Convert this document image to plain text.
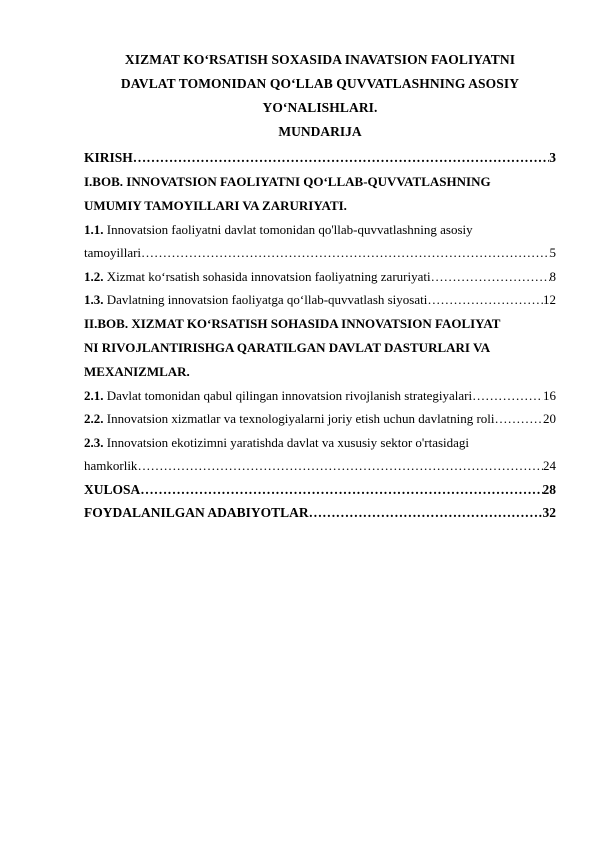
XIZMAT KO‘RSATISH SOXASIDA INAVATSION FAOLIYATNI
DAVLAT TOMONIDAN QO‘LLAB QUVVATLASHNING ASOSIY
YO‘NALISHLARI.
MUNDARIJA
KIRISH …………………………………………………………………………………………………………………………………………………………………………………………………………	3
I.BOB. INNOVATSION FAOLIYATNI QO‘LLAB-QUVVATLASHNING
UMUMIY TAMOYILLARI VA ZARURIYATI.
1.1. Innovatsion faoliyatni davlat tomonidan qo'llab-quvvatlashning asosiy
tamoyillari …………………………………………………………………………………………………………………………………………………………………………………………………………	5
1.2. Xizmat ko‘rsatish sohasida innovatsion faoliyatning zaruriyati …………………………………………………………………………………………………………………………………………………………………………………………………………	8
1.3. Davlatning innovatsion faoliyatga qo‘llab-quvvatlash siyosati …………………………………………………………………………………………………………………………………………………………………………………………………………	12
II.BOB. XIZMAT KO‘RSATISH SOHASIDA INNOVATSION FAOLIYAT
NI RIVOJLANTIRISHGA QARATILGAN DAVLAT DASTURLARI VA
MEXANIZMLAR.
2.1. Davlat tomonidan qabul qilingan innovatsion rivojlanish strategiyalari …………………………………………………………………………………………………………………………………………………………………………………………………………	16
2.2. Innovatsion xizmatlar va texnologiyalarni joriy etish uchun davlatning roli …………………………………………………………………………………………………………………………………………………………………………………………………………	20
2.3. Innovatsion ekotizimni yaratishda davlat va xususiy sektor o'rtasidagi
hamkorlik …………………………………………………………………………………………………………………………………………………………………………………………………………	24
XULOSA …………………………………………………………………………………………………………………………………………………………………………………………………………	28
FOYDALANILGAN ADABIYOTLAR …………………………………………………………………………………………………………………………………………………………………………………………………………	32
